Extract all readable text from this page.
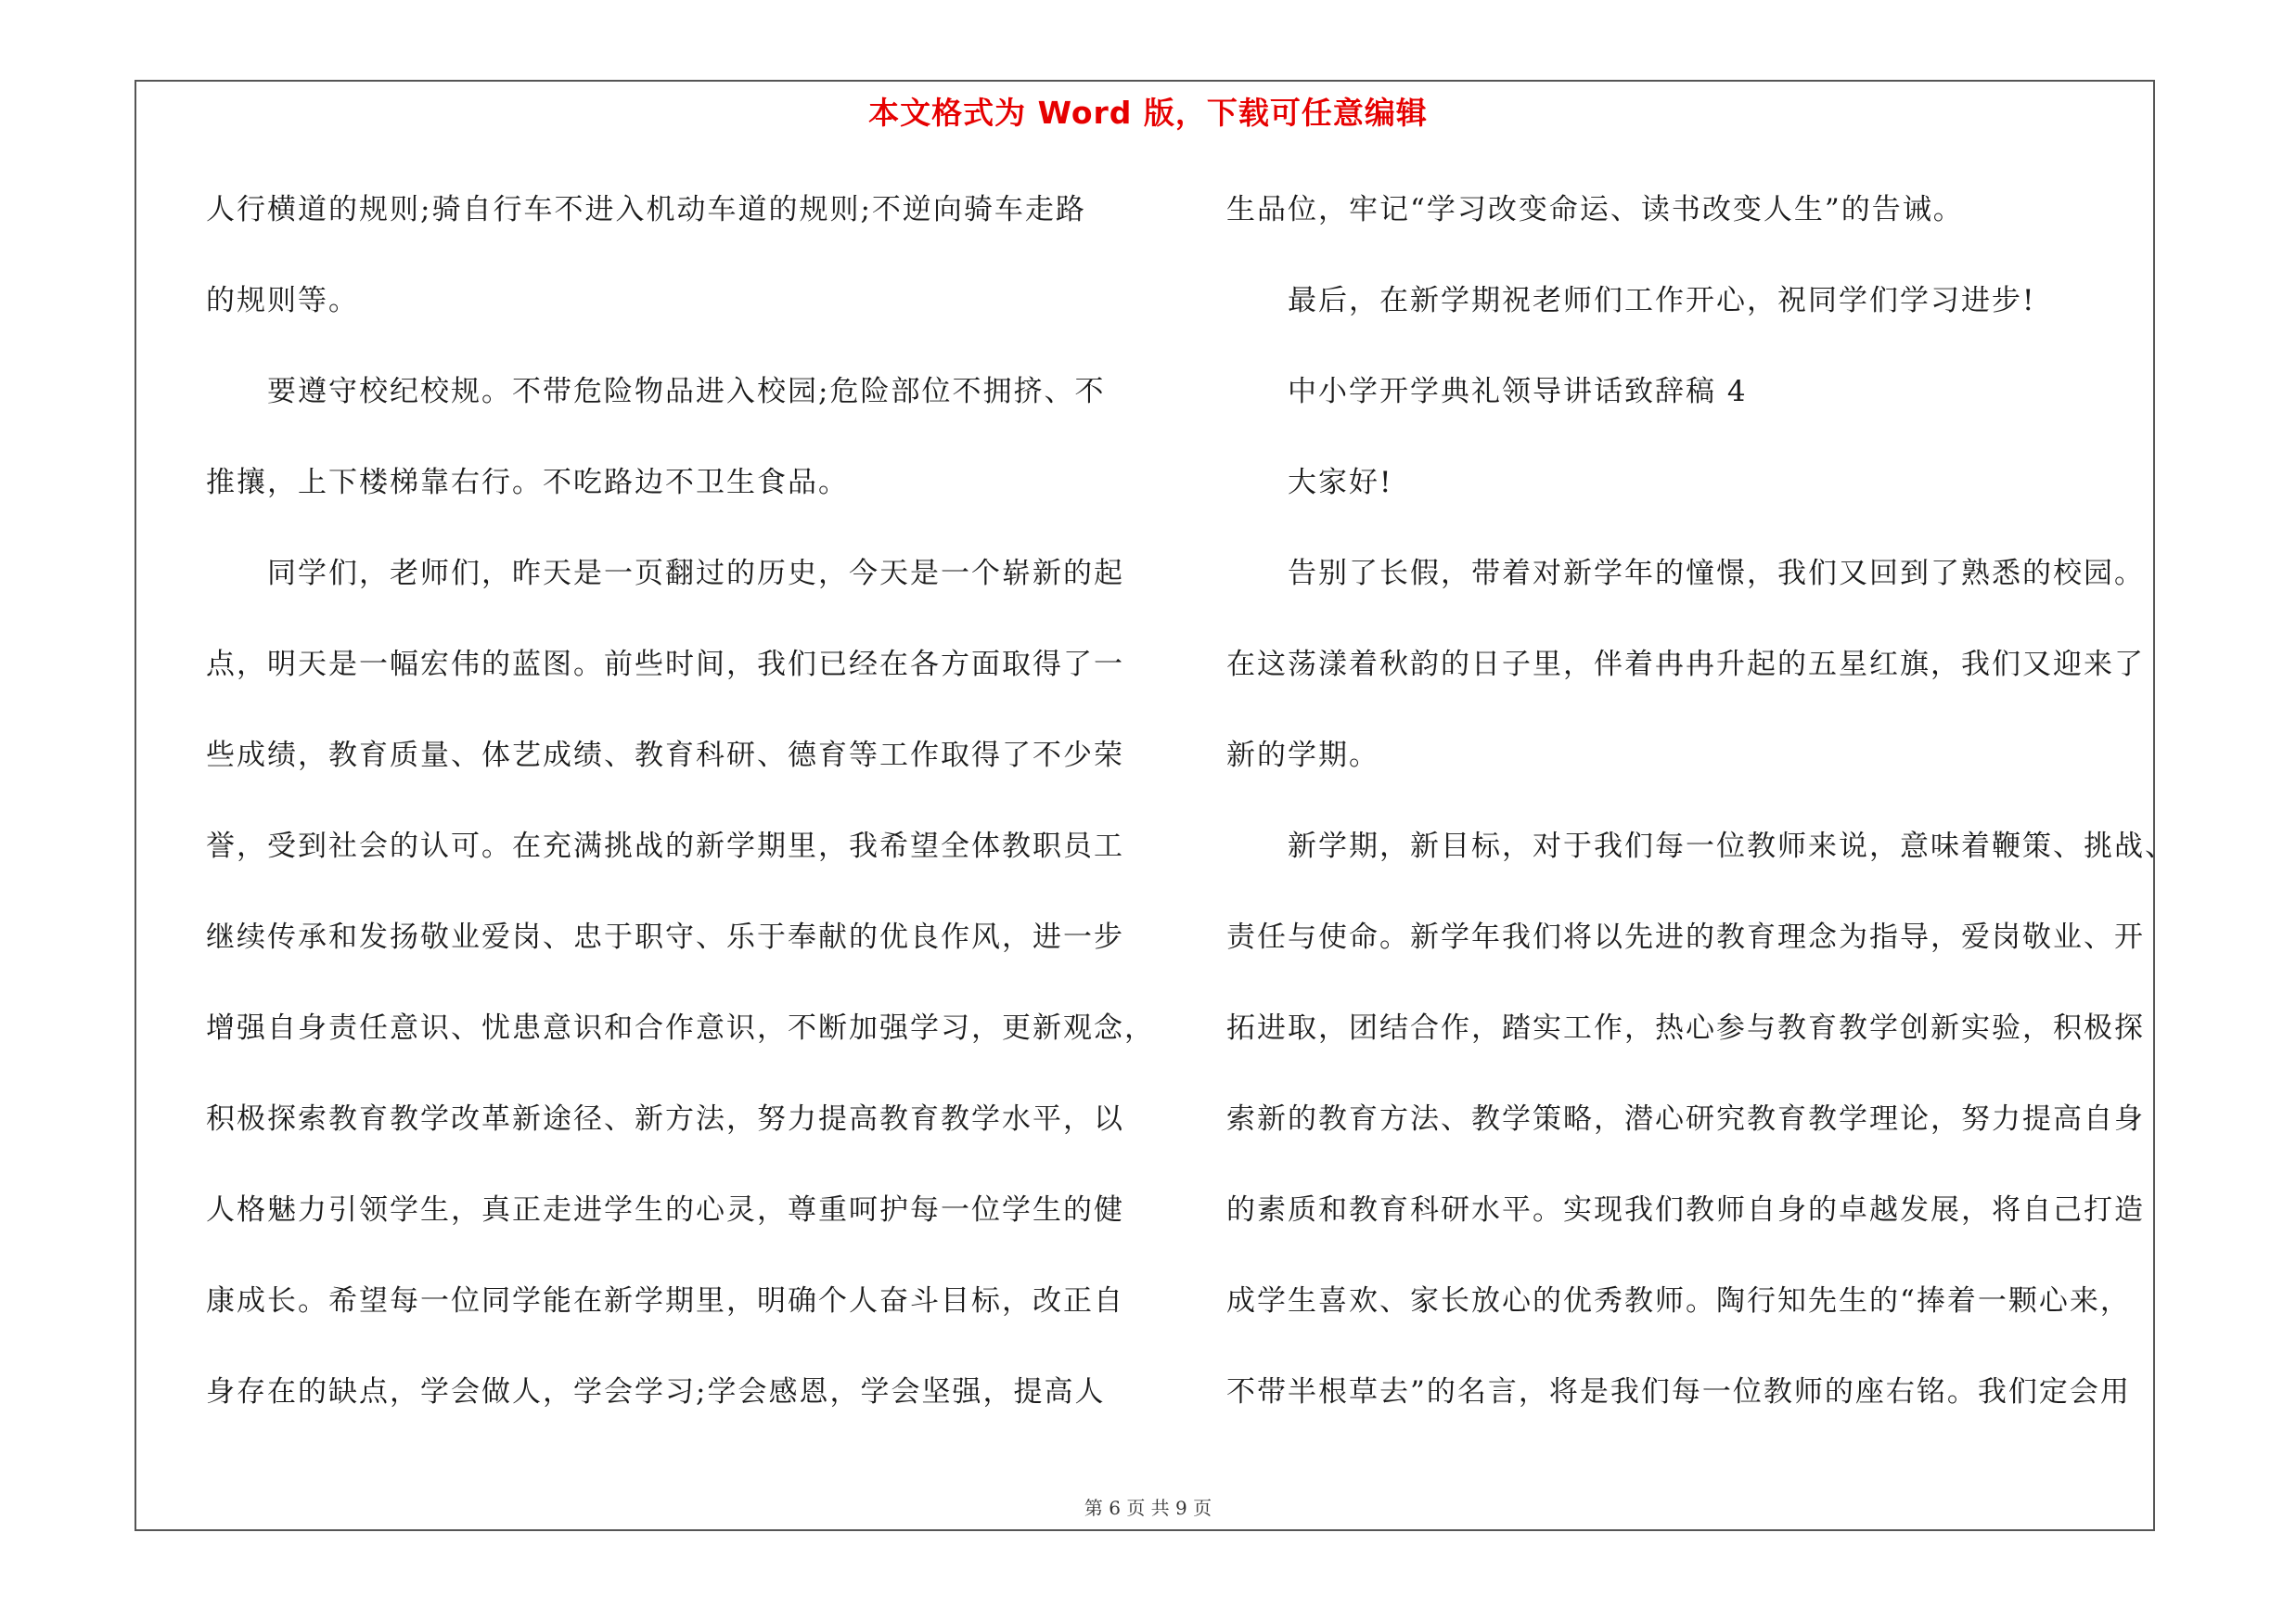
本文格式为 Word 版，下载可任意编辑
人行横道的规则;骑自行车不进入机动车道的规则;不逆向骑车走路
的规则等。
要遵守校纪校规。不带危险物品进入校园;危险部位不拥挤、不
推攘，上下楼梯靠右行。不吃路边不卫生食品。
同学们，老师们，昨天是一页翻过的历史，今天是一个崭新的起
点，明天是一幅宏伟的蓝图。前些时间，我们已经在各方面取得了一
些成绩，教育质量、体艺成绩、教育科研、德育等工作取得了不少荣
誉，受到社会的认可。在充满挑战的新学期里，我希望全体教职员工
继续传承和发扬敬业爱岗、忠于职守、乐于奉献的优良作风，进一步
增强自身责任意识、忧患意识和合作意识，不断加强学习，更新观念，
积极探索教育教学改革新途径、新方法，努力提高教育教学水平，以
人格魅力引领学生，真正走进学生的心灵，尊重呵护每一位学生的健
康成长。希望每一位同学能在新学期里，明确个人奋斗目标，改正自
身存在的缺点，学会做人，学会学习;学会感恩，学会坚强，提高人
生品位，牢记“学习改变命运、读书改变人生”的告诫。
最后，在新学期祝老师们工作开心，祝同学们学习进步!
中小学开学典礼领导讲话致辞稿 4
大家好!
告别了长假，带着对新学年的憧憬，我们又回到了熟悉的校园。
在这荡漾着秋韵的日子里，伴着冉冉升起的五星红旗，我们又迎来了
新的学期。
新学期，新目标，对于我们每一位教师来说，意味着鞭策、挑战、
责任与使命。新学年我们将以先进的教育理念为指导，爱岗敬业、开
拓进取，团结合作，踏实工作，热心参与教育教学创新实验，积极探
索新的教育方法、教学策略，潜心研究教育教学理论，努力提高自身
的素质和教育科研水平。实现我们教师自身的卓越发展，将自己打造
成学生喜欢、家长放心的优秀教师。陶行知先生的“捧着一颗心来，
不带半根草去”的名言，将是我们每一位教师的座右铭。我们定会用
第 6 页 共 9 页
